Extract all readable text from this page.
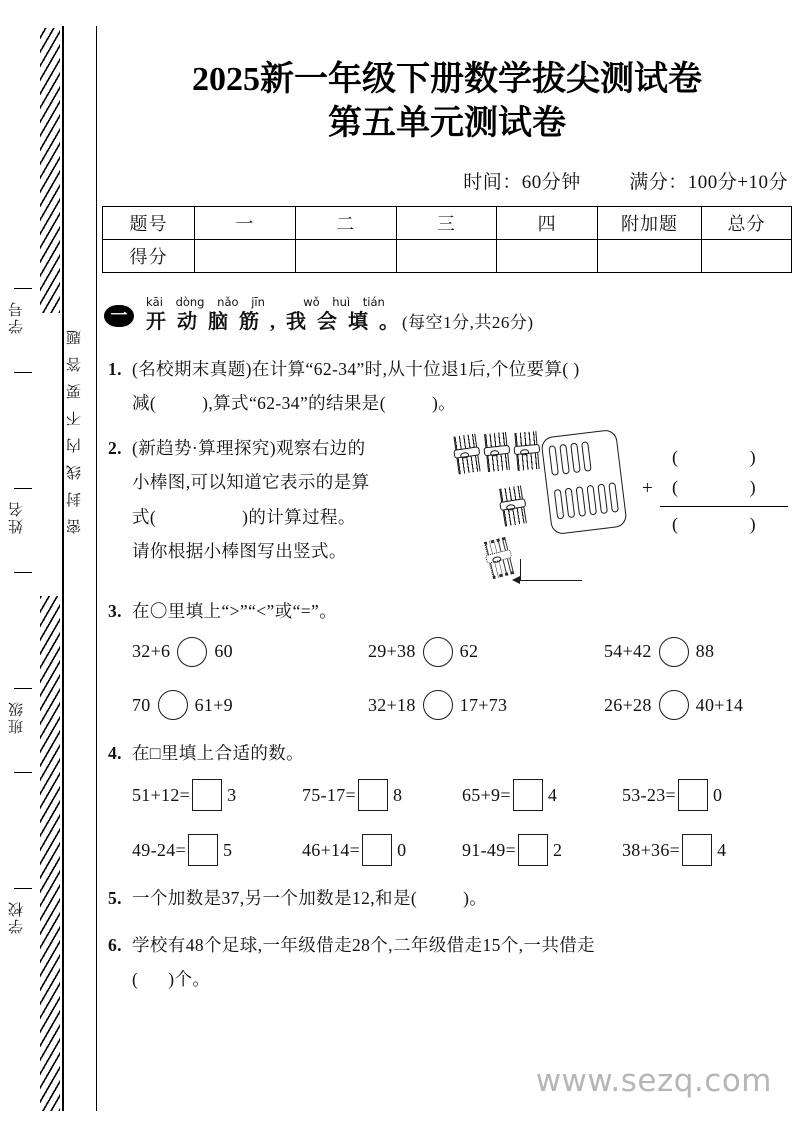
密封线内不要答题
学号
姓名
班级
学校
2025新一年级下册数学拔尖测试卷
第五单元测试卷
时间：60分钟	满分：100分+10分
题号	一	二	三	四	附加题	总分
得分						
一
kāi dòng nǎo jīn	wǒ huì tián
开 动 脑 筋 , 我 会 填 。(每空1分,共26分)
1. (名校期末真题)在计算“62-34”时,从十位退1后,个位要算( )
减(	),算式“62-34”的结果是(	)。
2. (新趋势·算理探究)观察右边的
小棒图,可以知道它表示的是算
式(	)的计算过程。
请你根据小棒图写出竖式。
(	)
+	(	)
(	)
3. 在〇里填上“>”“<”或“=”。
32+6 60	29+38 62	54+42 88
70 61+9	32+18 17+73	26+28 40+14
4. 在□里填上合适的数。
51+12= 3	75-17= 8	65+9= 4	53-23= 0
49-24= 5	46+14= 0	91-49= 2	38+36= 4
5. 一个加数是37,另一个加数是12,和是(	)。
6. 学校有48个足球,一年级借走28个,二年级借走15个,一共借走
( )个。
www.sezq.com
